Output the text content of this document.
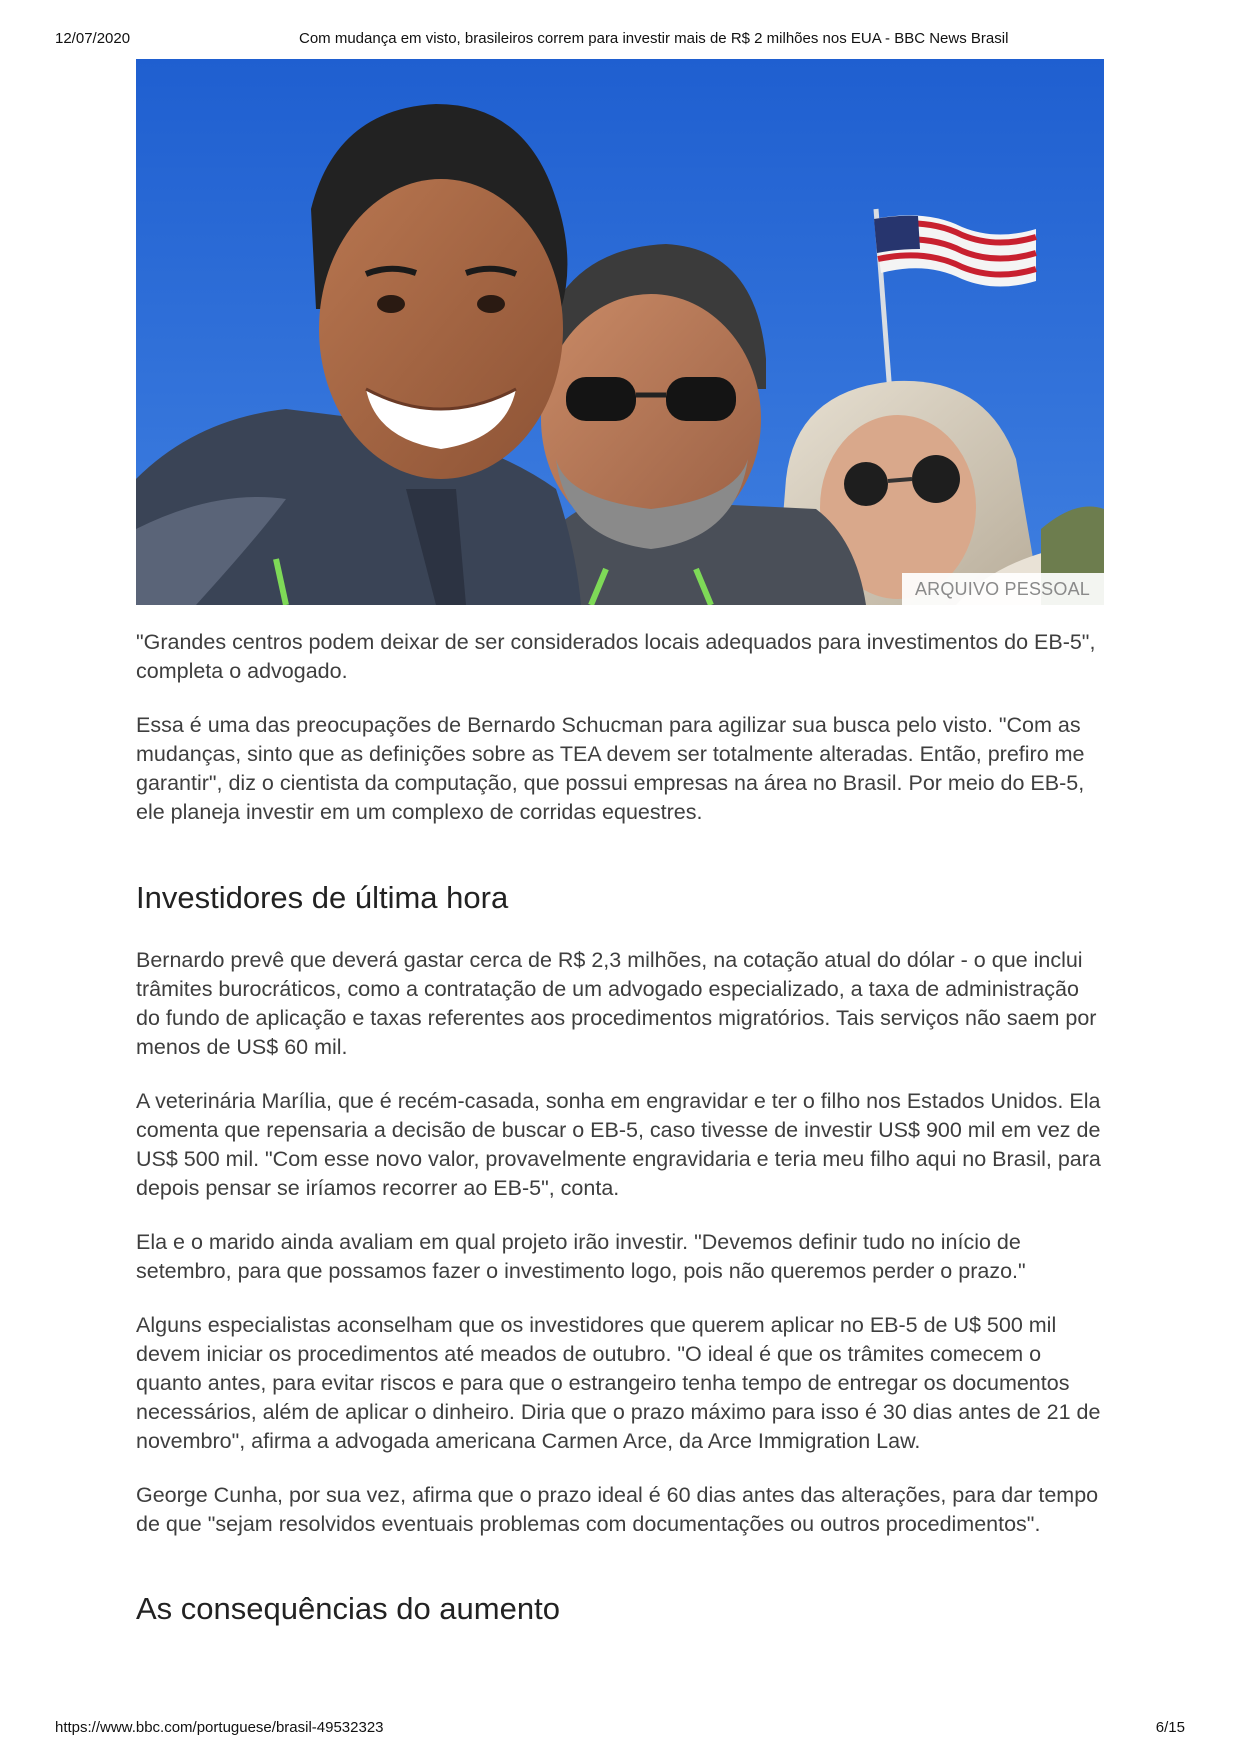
12/07/2020	Com mudança em visto, brasileiros correm para investir mais de R$ 2 milhões nos EUA - BBC News Brasil
ARQUIVO PESSOAL

"Grandes centros podem deixar de ser considerados locais adequados para investimentos do EB-5", completa o advogado.

Essa é uma das preocupações de Bernardo Schucman para agilizar sua busca pelo visto. "Com as mudanças, sinto que as definições sobre as TEA devem ser totalmente alteradas. Então, prefiro me garantir", diz o cientista da computação, que possui empresas na área no Brasil. Por meio do EB-5, ele planeja investir em um complexo de corridas equestres.

Investidores de última hora

Bernardo prevê que deverá gastar cerca de R$ 2,3 milhões, na cotação atual do dólar - o que inclui trâmites burocráticos, como a contratação de um advogado especializado, a taxa de administração do fundo de aplicação e taxas referentes aos procedimentos migratórios. Tais serviços não saem por menos de US$ 60 mil.

A veterinária Marília, que é recém-casada, sonha em engravidar e ter o filho nos Estados Unidos. Ela comenta que repensaria a decisão de buscar o EB-5, caso tivesse de investir US$ 900 mil em vez de US$ 500 mil. "Com esse novo valor, provavelmente engravidaria e teria meu filho aqui no Brasil, para depois pensar se iríamos recorrer ao EB-5", conta.

Ela e o marido ainda avaliam em qual projeto irão investir. "Devemos definir tudo no início de setembro, para que possamos fazer o investimento logo, pois não queremos perder o prazo."

Alguns especialistas aconselham que os investidores que querem aplicar no EB-5 de U$ 500 mil devem iniciar os procedimentos até meados de outubro. "O ideal é que os trâmites comecem o quanto antes, para evitar riscos e para que o estrangeiro tenha tempo de entregar os documentos necessários, além de aplicar o dinheiro. Diria que o prazo máximo para isso é 30 dias antes de 21 de novembro", afirma a advogada americana Carmen Arce, da Arce Immigration Law.

George Cunha, por sua vez, afirma que o prazo ideal é 60 dias antes das alterações, para dar tempo de que "sejam resolvidos eventuais problemas com documentações ou outros procedimentos".

As consequências do aumento
https://www.bbc.com/portuguese/brasil-49532323	6/15
